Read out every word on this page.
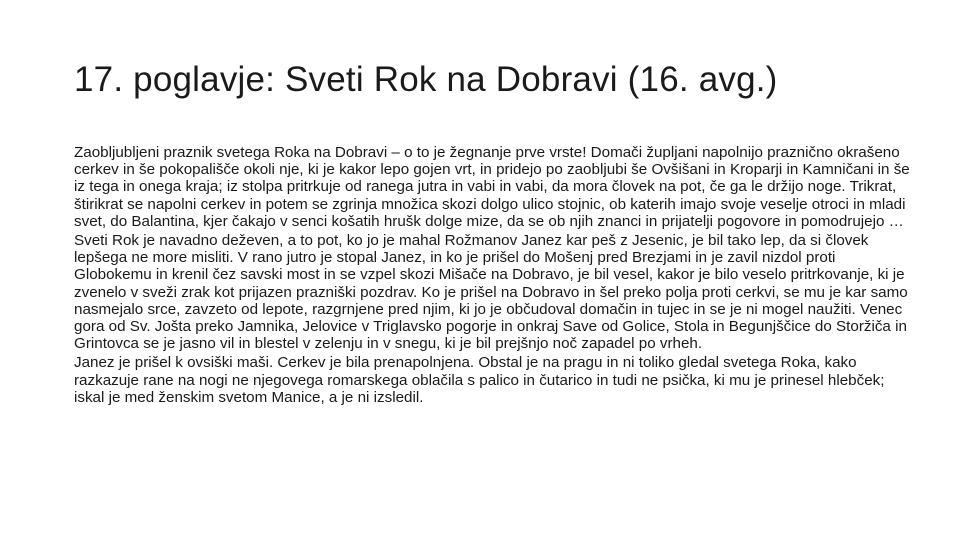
17. poglavje: Sveti Rok na Dobravi (16. avg.)

Zaobljubljeni praznik svetega Roka na Dobravi – o to je žegnanje prve vrste! Domači župljani napolnijo praznično okrašeno cerkev in še pokopališče okoli nje, ki je kakor lepo gojen vrt, in pridejo po zaobljubi še Ovšišani in Kroparji in Kamničani in še iz tega in onega kraja; iz stolpa pritrkuje od ranega jutra in vabi in vabi, da mora človek na pot, če ga le držijo noge. Trikrat, štirikrat se napolni cerkev in potem se zgrinja množica skozi dolgo ulico stojnic, ob katerih imajo svoje veselje otroci in mladi svet, do Balantina, kjer čakajo v senci košatih hrušk dolge mize, da se ob njih znanci in prijatelji pogovore in pomodrujejo …

Sveti Rok je navadno deževen, a to pot, ko jo je mahal Rožmanov Janez kar peš z Jesenic, je bil tako lep, da si človek lepšega ne more misliti. V rano jutro je stopal Janez, in ko je prišel do Mošenj pred Brezjami in je zavil nizdol proti Globokemu in krenil čez savski most in se vzpel skozi Mišače na Dobravo, je bil vesel, kakor je bilo veselo pritrkovanje, ki je zvenelo v sveži zrak kot prijazen prazniški pozdrav. Ko je prišel na Dobravo in šel preko polja proti cerkvi, se mu je kar samo nasmejalo srce, zavzeto od lepote, razgrnjene pred njim, ki jo je občudoval domačin in tujec in se je ni mogel nаužiti. Venec gora od Sv. Jošta preko Jamnika, Jelovice v Triglavsko pogorje in onkraj Save od Golice, Stola in Begunjščice do Storžiča in Grintovca se je jasno vil in blestel v zelenju in v snegu, ki je bil prejšnjo noč zapadel po vrheh.

Janez je prišel k ovsiški maši. Cerkev je bila prenapolnjena. Obstal je na pragu in ni toliko gledal svetega Roka, kako razkazuje rane na nogi ne njegovega romarskega oblačila s palico in čutarico in tudi ne psička, ki mu je prinesel hlebček; iskal je med ženskim svetom Manice, a je ni izsledil.
